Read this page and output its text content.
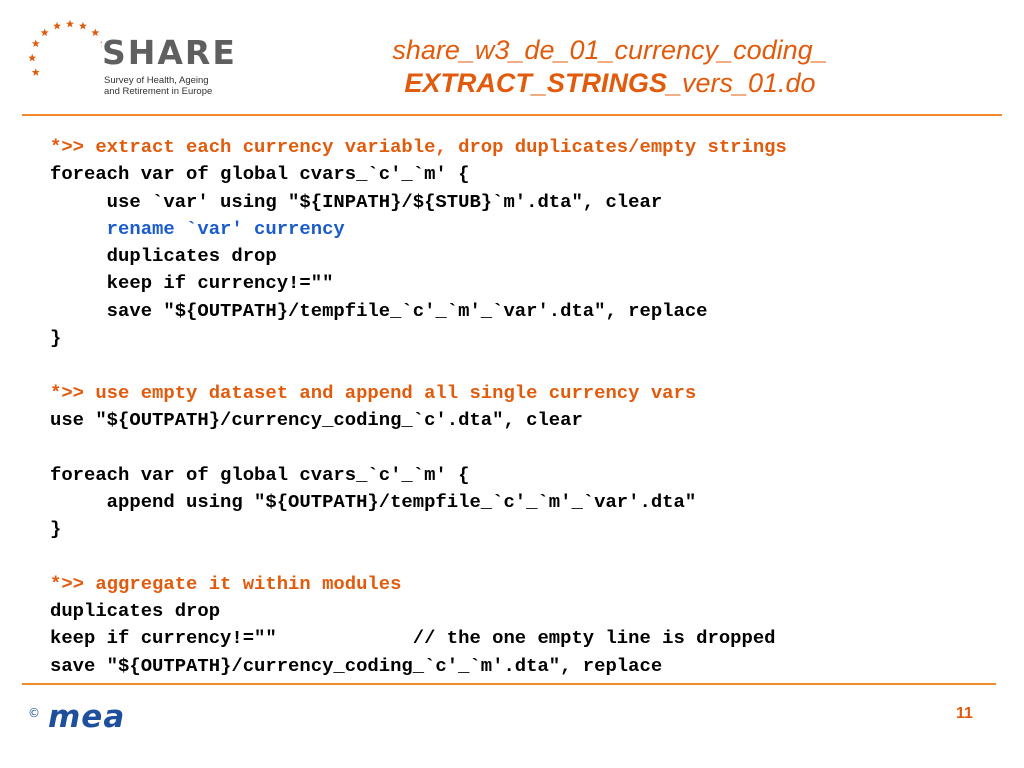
SHARE
Survey of Health, Ageing
and Retirement in Europe
share_w3_de_01_currency_coding_
EXTRACT_STRINGS_vers_01.do
*>> extract each currency variable, drop duplicates/empty strings
foreach var of global cvars_`c'_`m' {
use `var' using "${INPATH}/${STUB}`m'.dta", clear
rename `var' currency
duplicates drop
keep if currency!=""
save "${OUTPATH}/tempfile_`c'_`m'_`var'.dta", replace
}
*>> use empty dataset and append all single currency vars
use "${OUTPATH}/currency_coding_`c'.dta", clear
foreach var of global cvars_`c'_`m' {
append using "${OUTPATH}/tempfile_`c'_`m'_`var'.dta"
}
*>> aggregate it within modules
duplicates drop
keep if currency!=""            // the one empty line is dropped
save "${OUTPATH}/currency_coding_`c'_`m'.dta", replace
© mea	11
